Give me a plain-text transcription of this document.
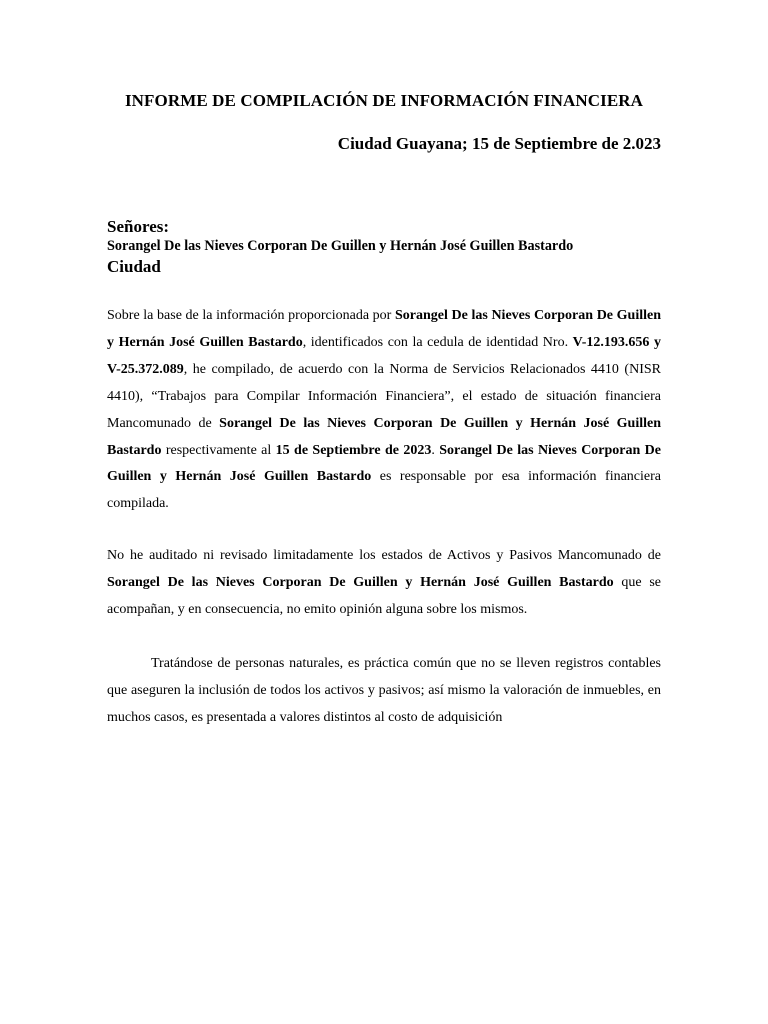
INFORME DE COMPILACIÓN DE INFORMACIÓN FINANCIERA
Ciudad Guayana; 15 de Septiembre de 2.023
Señores:
Sorangel De las Nieves Corporan De Guillen y Hernán José Guillen Bastardo
Ciudad

Sobre la base de la información proporcionada por Sorangel De las Nieves Corporan De Guillen y Hernán José Guillen Bastardo, identificados con la cedula de identidad Nro. V-12.193.656 y V-25.372.089, he compilado, de acuerdo con la Norma de Servicios Relacionados 4410 (NISR 4410), “Trabajos para Compilar Información Financiera”, el estado de situación financiera Mancomunado de Sorangel De las Nieves Corporan De Guillen y Hernán José Guillen Bastardo respectivamente al 15 de Septiembre de 2023. Sorangel De las Nieves Corporan De Guillen y Hernán José Guillen Bastardo es responsable por esa información financiera compilada.

No he auditado ni revisado limitadamente los estados de Activos y Pasivos Mancomunado de Sorangel De las Nieves Corporan De Guillen y Hernán José Guillen Bastardo que se acompañan, y en consecuencia, no emito opinión alguna sobre los mismos.

Tratándose de personas naturales, es práctica común que no se lleven registros contables que aseguren la inclusión de todos los activos y pasivos; así mismo la valoración de inmuebles, en muchos casos, es presentada a valores distintos al costo de adquisición
